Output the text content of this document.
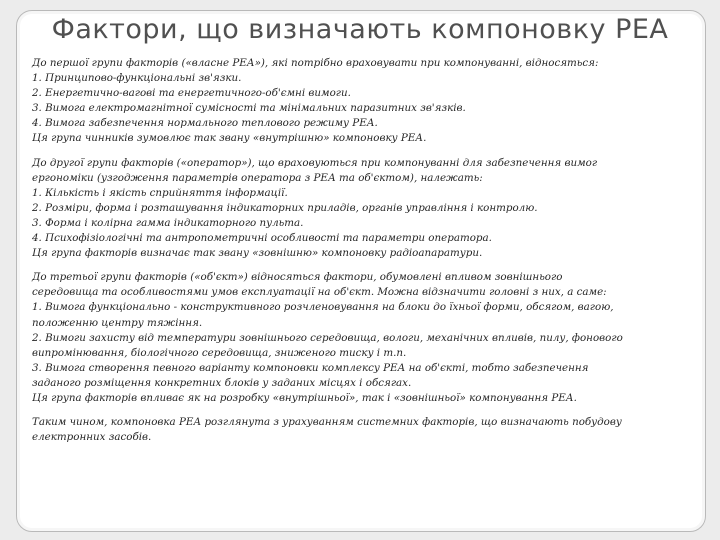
Фактори, що визначають компоновку РЕА

До першої групи факторів («власне РЕА»), які потрібно враховувати при компонуванні, відносяться:

1. Принципово-функціональні зв'язки.

2. Енергетично-вагові та енергетичного-об'ємні вимоги.

3. Вимога електромагнітної сумісності та мінімальних паразитних зв'язків.

4. Вимога забезпечення нормального теплового режиму РЕА.

Ця група чинників зумовлює так звану «внутрішню» компоновку РЕА.

До другої групи факторів («оператор»), що враховуються при компонуванні для забезпечення вимог

ергономіки (узгодження параметрів оператора з РЕА та об'єктом), належать:

1. Кількість і якість сприйняття інформації.

2. Розміри, форма і розташування індикаторних приладів, органів управління і контролю.

3. Форма і колірна гамма індикаторного пульта.

4. Психофізіологічні та антропометричні особливості та параметри оператора.

Ця група факторів визначає так звану «зовнішню» компоновку радіоапаратури.

До третьої групи факторів («об'єкт») відносяться фактори, обумовлені впливом зовнішнього

середовища та особливостями умов експлуатації на об'єкт. Можна відзначити головні з них, а саме:

1. Вимога функціонально - конструктивного розчленовування на блоки до їхньої форми, обсягом, вагою,

положенню центру тяжіння.

2. Вимоги захисту від температури зовнішнього середовища, вологи, механічних впливів, пилу, фонового

випромінювання, біологічного середовища, зниженого тиску і т.п.

3. Вимога створення певного варіанту компоновки комплексу РЕА на об'єкті, тобто забезпечення

заданого розміщення конкретних блоків у заданих місцях і обсягах.

Ця група факторів впливає як на розробку «внутрішньої», так і «зовнішньої» компонування РЕА.

Таким чином, компоновка РЕА розглянута з урахуванням системних факторів, що визначають побудову

електронних засобів.
